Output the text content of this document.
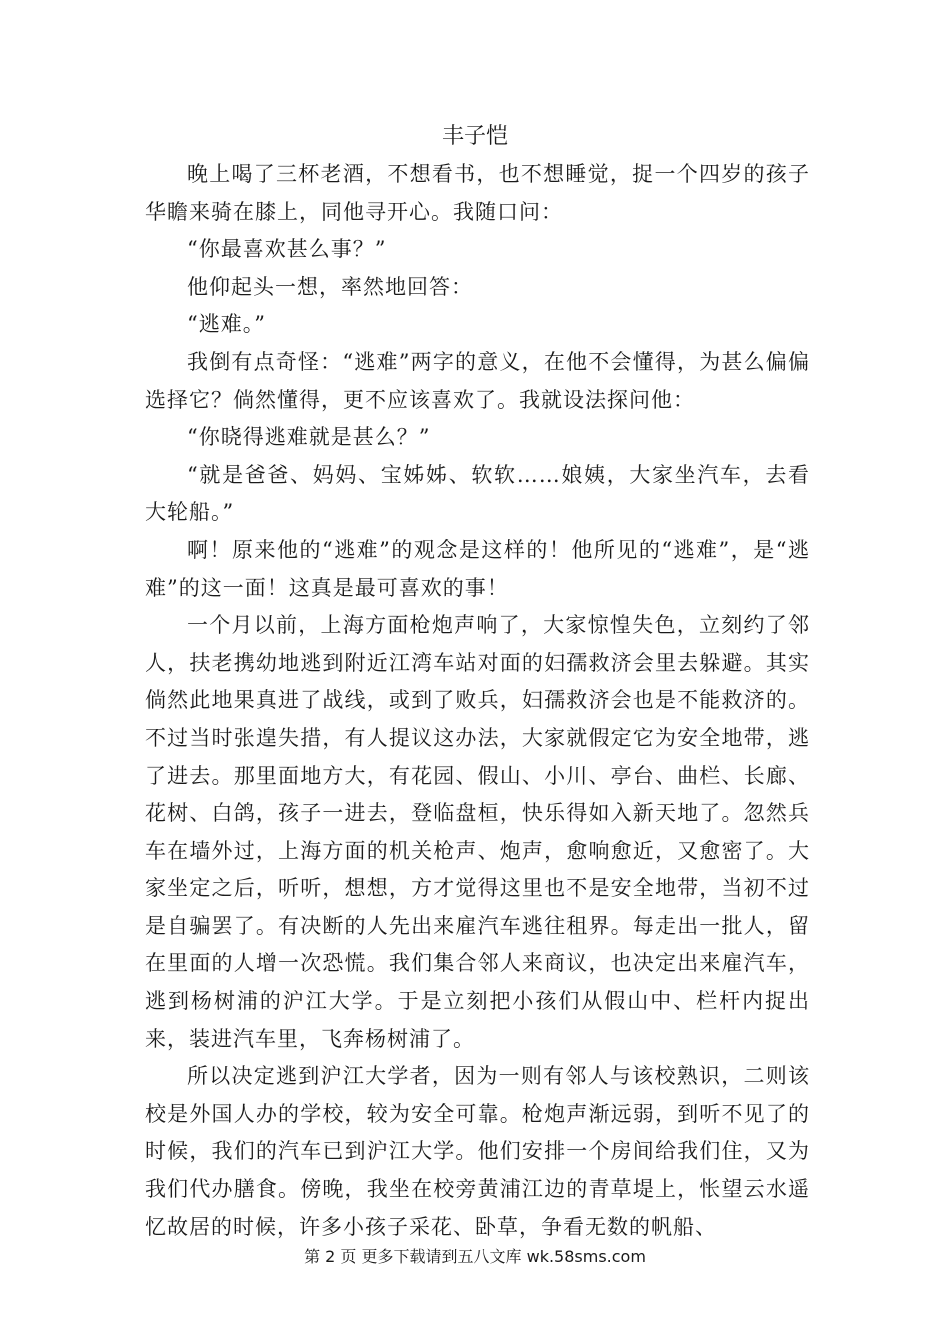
丰子恺

晚上喝了三杯老酒，不想看书，也不想睡觉，捉一个四岁的孩子华瞻来骑在膝上，同他寻开心。我随口问：

“你最喜欢甚么事？”

他仰起头一想，率然地回答：

“逃难。”

我倒有点奇怪：“逃难”两字的意义，在他不会懂得，为甚么偏偏选择它？倘然懂得，更不应该喜欢了。我就设法探问他：

“你晓得逃难就是甚么？”

“就是爸爸、妈妈、宝姊姊、软软……娘姨，大家坐汽车，去看大轮船。”

啊！原来他的“逃难”的观念是这样的！他所见的“逃难”，是“逃难”的这一面！这真是最可喜欢的事！

一个月以前，上海方面枪炮声响了，大家惊惶失色，立刻约了邻人，扶老携幼地逃到附近江湾车站对面的妇孺救济会里去躲避。其实倘然此地果真进了战线，或到了败兵，妇孺救济会也是不能救济的。不过当时张遑失措，有人提议这办法，大家就假定它为安全地带，逃了进去。那里面地方大，有花园、假山、小川、亭台、曲栏、长廊、花树、白鸽，孩子一进去，登临盘桓，快乐得如入新天地了。忽然兵车在墙外过，上海方面的机关枪声、炮声，愈响愈近，又愈密了。大家坐定之后，听听，想想，方才觉得这里也不是安全地带，当初不过是自骗罢了。有决断的人先出来雇汽车逃往租界。每走出一批人，留在里面的人增一次恐慌。我们集合邻人来商议，也决定出来雇汽车，逃到杨树浦的沪江大学。于是立刻把小孩们从假山中、栏杆内捉出来，装进汽车里，飞奔杨树浦了。

所以决定逃到沪江大学者，因为一则有邻人与该校熟识，二则该校是外国人办的学校，较为安全可靠。枪炮声渐远弱，到听不见了的时候，我们的汽车已到沪江大学。他们安排一个房间给我们住，又为我们代办膳食。傍晚，我坐在校旁黄浦江边的青草堤上，怅望云水遥忆故居的时候，许多小孩子采花、卧草，争看无数的帆船、

第 2 页 更多下载请到五八文库 wk.58sms.com
